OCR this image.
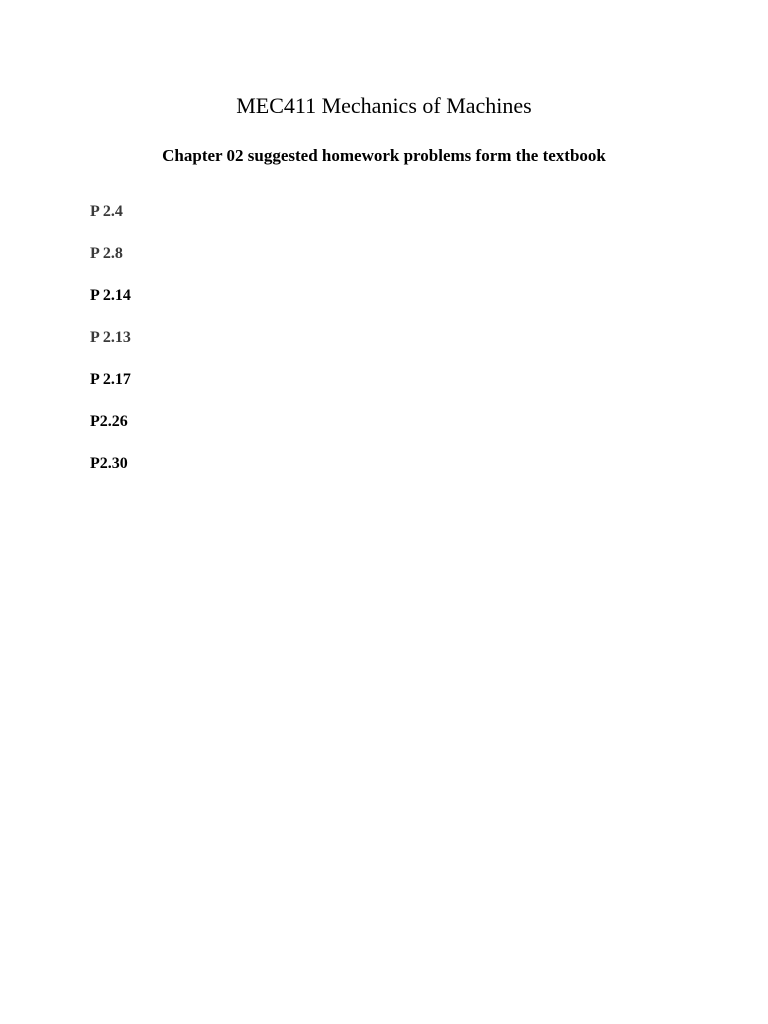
MEC411 Mechanics of Machines
Chapter 02 suggested homework problems form the textbook
P 2.4
P 2.8
P 2.14
P 2.13
P 2.17
P2.26
P2.30
